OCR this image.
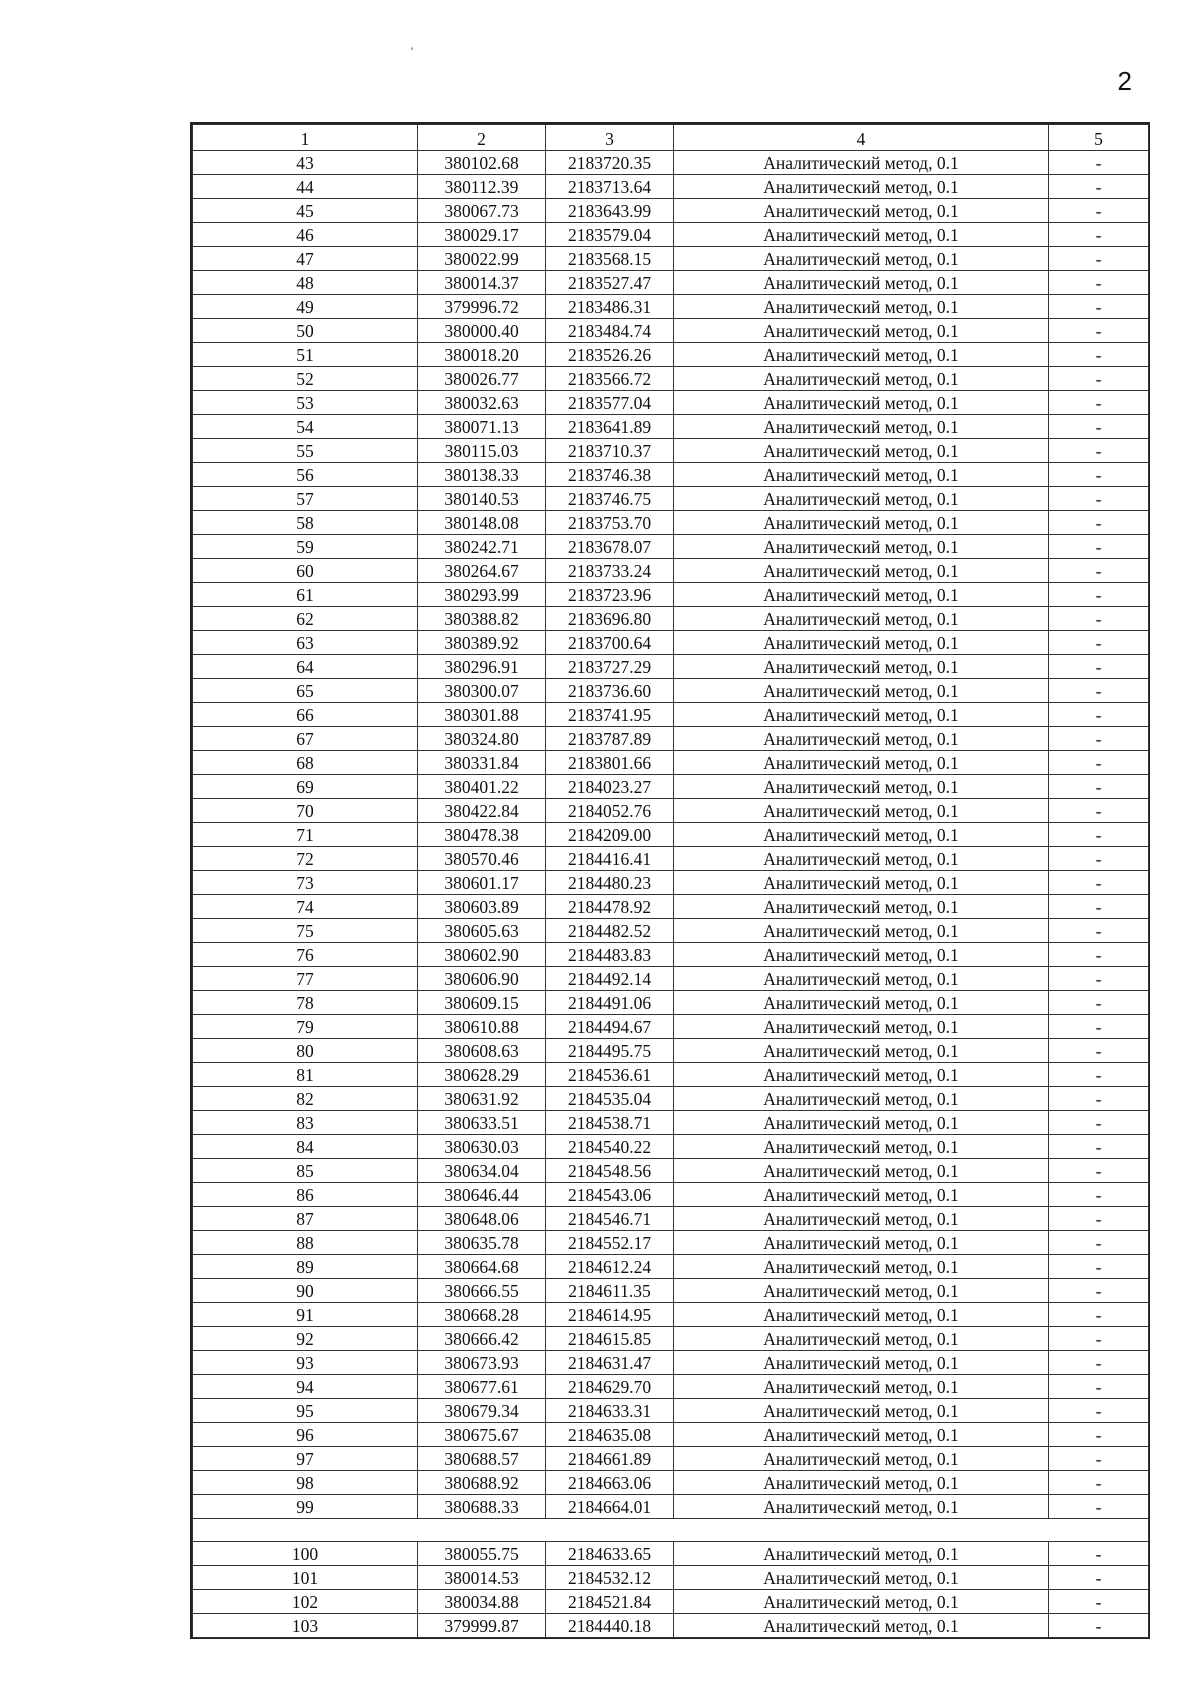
2
'
1	2	3	4	5
43	380102.68	2183720.35	Аналитический метод, 0.1	-
44	380112.39	2183713.64	Аналитический метод, 0.1	-
45	380067.73	2183643.99	Аналитический метод, 0.1	-
46	380029.17	2183579.04	Аналитический метод, 0.1	-
47	380022.99	2183568.15	Аналитический метод, 0.1	-
48	380014.37	2183527.47	Аналитический метод, 0.1	-
49	379996.72	2183486.31	Аналитический метод, 0.1	-
50	380000.40	2183484.74	Аналитический метод, 0.1	-
51	380018.20	2183526.26	Аналитический метод, 0.1	-
52	380026.77	2183566.72	Аналитический метод, 0.1	-
53	380032.63	2183577.04	Аналитический метод, 0.1	-
54	380071.13	2183641.89	Аналитический метод, 0.1	-
55	380115.03	2183710.37	Аналитический метод, 0.1	-
56	380138.33	2183746.38	Аналитический метод, 0.1	-
57	380140.53	2183746.75	Аналитический метод, 0.1	-
58	380148.08	2183753.70	Аналитический метод, 0.1	-
59	380242.71	2183678.07	Аналитический метод, 0.1	-
60	380264.67	2183733.24	Аналитический метод, 0.1	-
61	380293.99	2183723.96	Аналитический метод, 0.1	-
62	380388.82	2183696.80	Аналитический метод, 0.1	-
63	380389.92	2183700.64	Аналитический метод, 0.1	-
64	380296.91	2183727.29	Аналитический метод, 0.1	-
65	380300.07	2183736.60	Аналитический метод, 0.1	-
66	380301.88	2183741.95	Аналитический метод, 0.1	-
67	380324.80	2183787.89	Аналитический метод, 0.1	-
68	380331.84	2183801.66	Аналитический метод, 0.1	-
69	380401.22	2184023.27	Аналитический метод, 0.1	-
70	380422.84	2184052.76	Аналитический метод, 0.1	-
71	380478.38	2184209.00	Аналитический метод, 0.1	-
72	380570.46	2184416.41	Аналитический метод, 0.1	-
73	380601.17	2184480.23	Аналитический метод, 0.1	-
74	380603.89	2184478.92	Аналитический метод, 0.1	-
75	380605.63	2184482.52	Аналитический метод, 0.1	-
76	380602.90	2184483.83	Аналитический метод, 0.1	-
77	380606.90	2184492.14	Аналитический метод, 0.1	-
78	380609.15	2184491.06	Аналитический метод, 0.1	-
79	380610.88	2184494.67	Аналитический метод, 0.1	-
80	380608.63	2184495.75	Аналитический метод, 0.1	-
81	380628.29	2184536.61	Аналитический метод, 0.1	-
82	380631.92	2184535.04	Аналитический метод, 0.1	-
83	380633.51	2184538.71	Аналитический метод, 0.1	-
84	380630.03	2184540.22	Аналитический метод, 0.1	-
85	380634.04	2184548.56	Аналитический метод, 0.1	-
86	380646.44	2184543.06	Аналитический метод, 0.1	-
87	380648.06	2184546.71	Аналитический метод, 0.1	-
88	380635.78	2184552.17	Аналитический метод, 0.1	-
89	380664.68	2184612.24	Аналитический метод, 0.1	-
90	380666.55	2184611.35	Аналитический метод, 0.1	-
91	380668.28	2184614.95	Аналитический метод, 0.1	-
92	380666.42	2184615.85	Аналитический метод, 0.1	-
93	380673.93	2184631.47	Аналитический метод, 0.1	-
94	380677.61	2184629.70	Аналитический метод, 0.1	-
95	380679.34	2184633.31	Аналитический метод, 0.1	-
96	380675.67	2184635.08	Аналитический метод, 0.1	-
97	380688.57	2184661.89	Аналитический метод, 0.1	-
98	380688.92	2184663.06	Аналитический метод, 0.1	-
99	380688.33	2184664.01	Аналитический метод, 0.1	-

100	380055.75	2184633.65	Аналитический метод, 0.1	-
101	380014.53	2184532.12	Аналитический метод, 0.1	-
102	380034.88	2184521.84	Аналитический метод, 0.1	-
103	379999.87	2184440.18	Аналитический метод, 0.1	-
